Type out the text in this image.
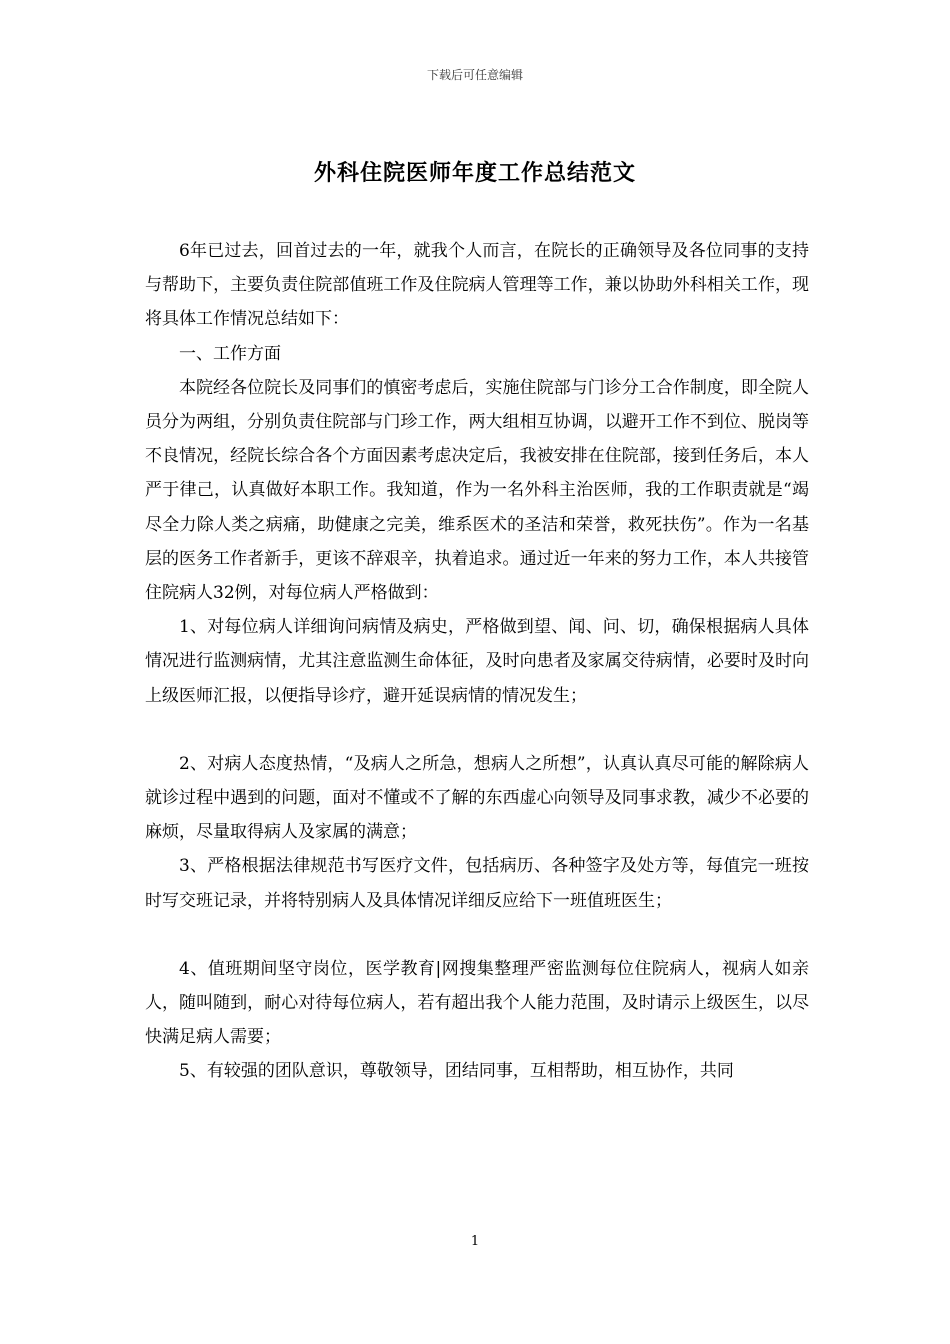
下载后可任意编辑
外科住院医师年度工作总结范文

6年已过去，回首过去的一年，就我个人而言，在院长的正确领导及各位同事的支持与帮助下，主要负责住院部值班工作及住院病人管理等工作，兼以协助外科相关工作，现将具体工作情况总结如下：

一、工作方面

本院经各位院长及同事们的慎密考虑后，实施住院部与门诊分工合作制度，即全院人员分为两组，分别负责住院部与门珍工作，两大组相互协调，以避开工作不到位、脱岗等不良情况，经院长综合各个方面因素考虑决定后，我被安排在住院部，接到任务后，本人严于律己，认真做好本职工作。我知道，作为一名外科主治医师，我的工作职责就是“竭尽全力除人类之病痛，助健康之完美，维系医术的圣洁和荣誉，救死扶伤”。作为一名基层的医务工作者新手，更该不辞艰辛，执着追求。通过近一年来的努力工作，本人共接管住院病人32例，对每位病人严格做到：

1、对每位病人详细询问病情及病史，严格做到望、闻、问、切，确保根据病人具体情况进行监测病情，尤其注意监测生命体征，及时向患者及家属交待病情，必要时及时向上级医师汇报，以便指导诊疗，避开延误病情的情况发生；

2、对病人态度热情，“及病人之所急，想病人之所想”，认真认真尽可能的解除病人就诊过程中遇到的问题，面对不懂或不了解的东西虚心向领导及同事求教，减少不必要的麻烦，尽量取得病人及家属的满意；

3、严格根据法律规范书写医疗文件，包括病历、各种签字及处方等，每值完一班按时写交班记录，并将特别病人及具体情况详细反应给下一班值班医生；

4、值班期间坚守岗位，医学教育|网搜集整理严密监测每位住院病人，视病人如亲人，随叫随到，耐心对待每位病人，若有超出我个人能力范围，及时请示上级医生，以尽快满足病人需要；

5、有较强的团队意识，尊敬领导，团结同事，互相帮助，相互协作，共同

1
